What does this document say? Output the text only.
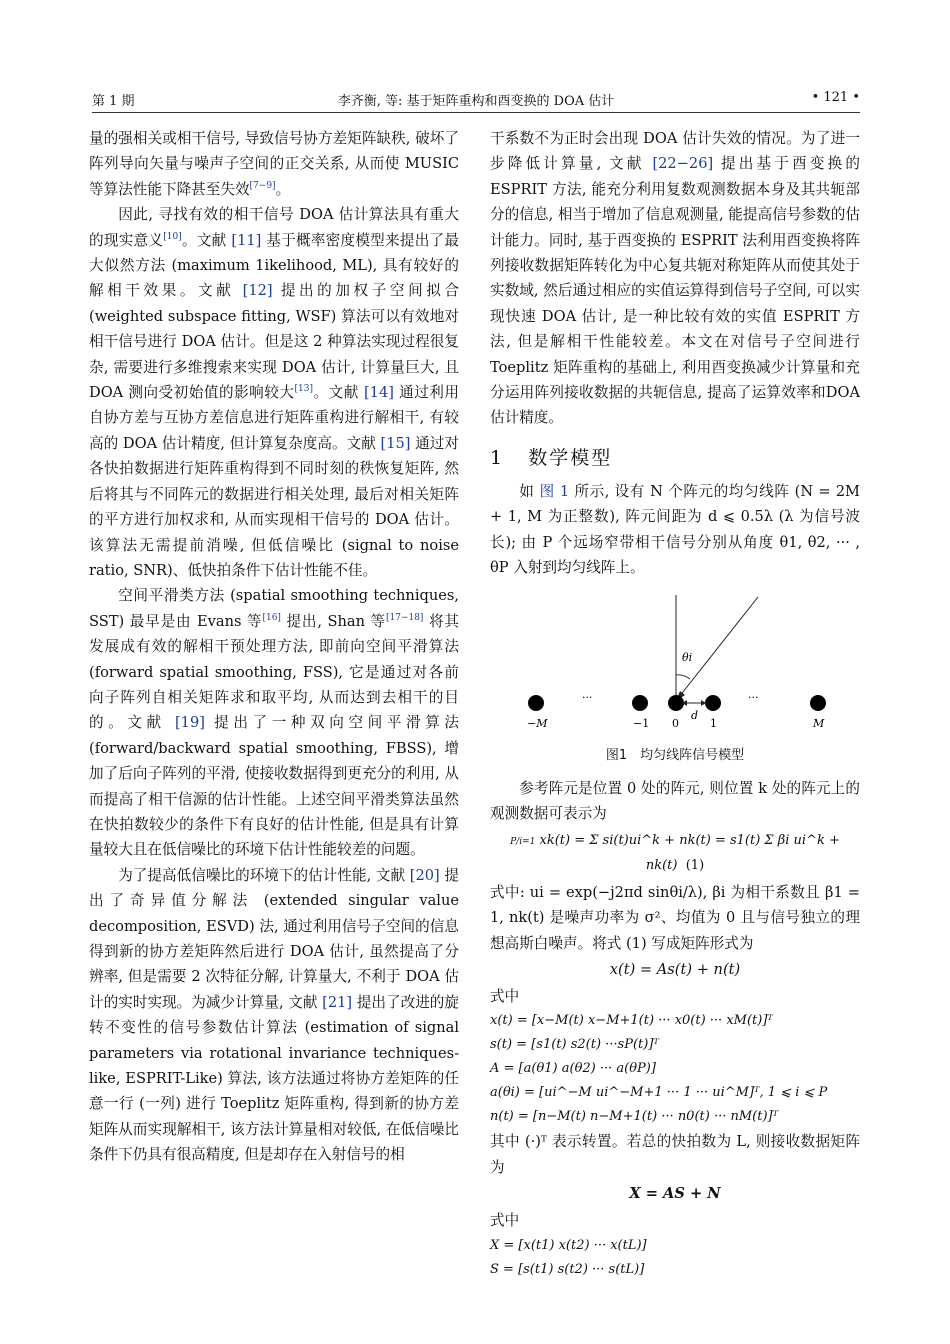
第 1 期	李齐衡, 等: 基于矩阵重构和酉变换的 DOA 估计	• 121 •

量的强相关或相干信号, 导致信号协方差矩阵缺秩, 破坏了阵列导向矢量与噪声子空间的正交关系, 从而使 MUSIC 等算法性能下降甚至失效[7−9]。

因此, 寻找有效的相干信号 DOA 估计算法具有重大的现实意义[10]。文献 [11] 基于概率密度模型来提出了最大似然方法 (maximum 1ikelihood, ML), 具有较好的解相干效果。文献 [12] 提出的加权子空间拟合 (weighted subspace fitting, WSF) 算法可以有效地对相干信号进行 DOA 估计。但是这 2 种算法实现过程很复杂, 需要进行多维搜索来实现 DOA 估计, 计算量巨大, 且 DOA 测向受初始值的影响较大[13]。文献 [14] 通过利用自协方差与互协方差信息进行矩阵重构进行解相干, 有较高的 DOA 估计精度, 但计算复杂度高。文献 [15] 通过对各快拍数据进行矩阵重构得到不同时刻的秩恢复矩阵, 然后将其与不同阵元的数据进行相关处理, 最后对相关矩阵的平方进行加权求和, 从而实现相干信号的 DOA 估计。该算法无需提前消噪, 但低信噪比 (signal to noise ratio, SNR)、低快拍条件下估计性能不佳。

空间平滑类方法 (spatial smoothing techniques, SST) 最早是由 Evans 等[16] 提出, Shan 等[17−18] 将其发展成有效的解相干预处理方法, 即前向空间平滑算法 (forward spatial smoothing, FSS), 它是通过对各前向子阵列自相关矩阵求和取平均, 从而达到去相干的目的。文献 [19] 提出了一种双向空间平滑算法 (forward/backward spatial smoothing, FBSS), 增加了后向子阵列的平滑, 使接收数据得到更充分的利用, 从而提高了相干信源的估计性能。上述空间平滑类算法虽然在快拍数较少的条件下有良好的估计性能, 但是具有计算量较大且在低信噪比的环境下估计性能较差的问题。

为了提高低信噪比的环境下的估计性能, 文献 [20] 提出了奇异值分解法 (extended singular value decomposition, ESVD) 法, 通过利用信号子空间的信息得到新的协方差矩阵然后进行 DOA 估计, 虽然提高了分辨率, 但是需要 2 次特征分解, 计算量大, 不利于 DOA 估计的实时实现。为减少计算量, 文献 [21] 提出了改进的旋转不变性的信号参数估计算法 (estimation of signal parameters via rotational invariance techniques-like, ESPRIT-Like) 算法, 该方法通过将协方差矩阵的任意一行 (一列) 进行 Toeplitz 矩阵重构, 得到新的协方差矩阵从而实现解相干, 该方法计算量相对较低, 在低信噪比条件下仍具有很高精度, 但是却存在入射信号的相

干系数不为正时会出现 DOA 估计失效的情况。为了进一步降低计算量, 文献 [22−26] 提出基于酉变换的 ESPRIT 方法, 能充分利用复数观测数据本身及其共轭部分的信息, 相当于增加了信息观测量, 能提高信号参数的估计能力。同时, 基于酉变换的 ESPRIT 法利用酉变换将阵列接收数据矩阵转化为中心复共轭对称矩阵从而使其处于实数域, 然后通过相应的实值运算得到信号子空间, 可以实现快速 DOA 估计, 是一种比较有效的实值 ESPRIT 方法, 但是解相干性能较差。本文在对信号子空间进行 Toeplitz 矩阵重构的基础上, 利用酉变换减少计算量和充分运用阵列接收数据的共轭信息, 提高了运算效率和DOA 估计精度。

1 数学模型

如 图 1 所示, 设有 N 个阵元的均匀线阵 (N = 2M + 1, M 为正整数), 阵元间距为 d ⩽ 0.5λ (λ 为信号波长); 由 P 个远场窄带相干信号分别从角度 θ1, θ2, ··· , θP 入射到均匀线阵上。

θi
d
···	···
−M	−1 0	1	M
图1　均匀线阵信号模型

参考阵元是位置 0 处的阵元, 则位置 k 处的阵元上的观测数据可表示为

P/i=1 xk(t) = Σ si(t)ui^k + nk(t) = s1(t) Σ βi ui^k + nk(t) (1)

式中: ui = exp(−j2πd sinθi/λ), βi 为相干系数且 β1 = 1, nk(t) 是噪声功率为 σ²、均值为 0 且与信号独立的理想高斯白噪声。将式 (1) 写成矩阵形式为

x(t) = As(t) + n(t)

式中

x(t) = [x−M(t) x−M+1(t) ··· x0(t) ··· xM(t)]ᵀ

s(t) = [s1(t) s2(t) ···sP(t)]ᵀ

A = [a(θ1) a(θ2) ··· a(θP)]

a(θi) = [ui^−M ui^−M+1 ··· 1 ··· ui^M]ᵀ, 1 ⩽ i ⩽ P

n(t) = [n−M(t) n−M+1(t) ··· n0(t) ··· nM(t)]ᵀ

其中 (·)ᵀ 表示转置。若总的快拍数为 L, 则接收数据矩阵为

X = AS + N

式中

X = [x(t1) x(t2) ··· x(tL)]

S = [s(t1) s(t2) ··· s(tL)]
